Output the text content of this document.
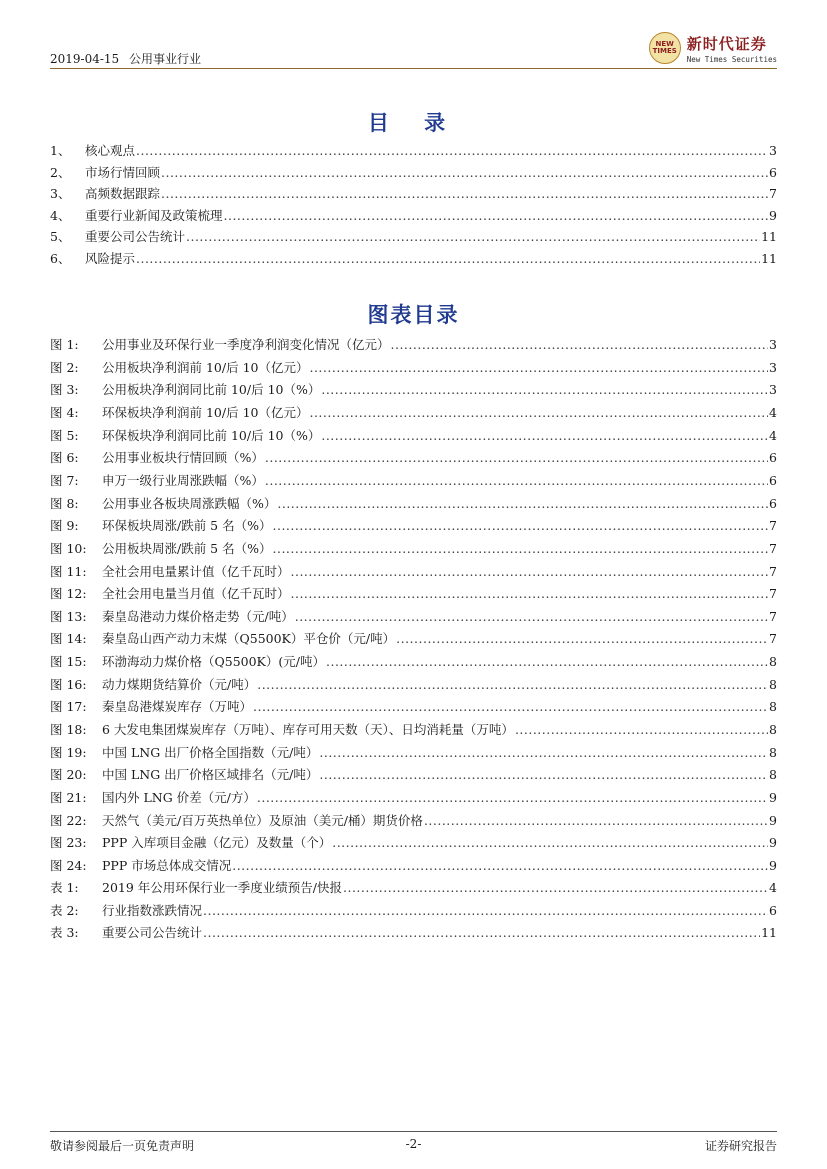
2019-04-15 公用事业行业
NEW TIMES 新时代证券
New Times Securities
目 录
1、	核心观点 .....	3
2、	市场行情回顾 .....	6
3、	高频数据跟踪 .....	7
4、	重要行业新闻及政策梳理 .....	9
5、	重要公司公告统计 .....	11
6、	风险提示 .....	11
图表目录
图 1:	公用事业及环保行业一季度净利润变化情况（亿元） .....	3
图 2:	公用板块净利润前 10/后 10（亿元） .....	3
图 3:	公用板块净利润同比前 10/后 10（%） .....	3
图 4:	环保板块净利润前 10/后 10（亿元） .....	4
图 5:	环保板块净利润同比前 10/后 10（%） .....	4
图 6:	公用事业板块行情回顾（%） .....	6
图 7:	申万一级行业周涨跌幅（%） .....	6
图 8:	公用事业各板块周涨跌幅（%） .....	6
图 9:	环保板块周涨/跌前 5 名（%） .....	7
图 10:	公用板块周涨/跌前 5 名（%） .....	7
图 11:	全社会用电量累计值（亿千瓦时） .....	7
图 12:	全社会用电量当月值（亿千瓦时） .....	7
图 13:	秦皇岛港动力煤价格走势（元/吨） .....	7
图 14:	秦皇岛山西产动力末煤（Q5500K）平仓价（元/吨） .....	7
图 15:	环渤海动力煤价格（Q5500K）(元/吨） .....	8
图 16:	动力煤期货结算价（元/吨） .....	8
图 17:	秦皇岛港煤炭库存（万吨） .....	8
图 18:	6 大发电集团煤炭库存（万吨）、库存可用天数（天）、日均消耗量（万吨） .....	8
图 19:	中国 LNG 出厂价格全国指数（元/吨） .....	8
图 20:	中国 LNG 出厂价格区域排名（元/吨） .....	8
图 21:	国内外 LNG 价差（元/方） .....	9
图 22:	天然气（美元/百万英热单位）及原油（美元/桶）期货价格 .....	9
图 23:	PPP 入库项目金融（亿元）及数量（个） .....	9
图 24:	PPP 市场总体成交情况 .....	9
表 1:	2019 年公用环保行业一季度业绩预告/快报 .....	4
表 2:	行业指数涨跌情况 .....	6
表 3:	重要公司公告统计 .....	11
敬请参阅最后一页免责声明	-2-	证券研究报告
